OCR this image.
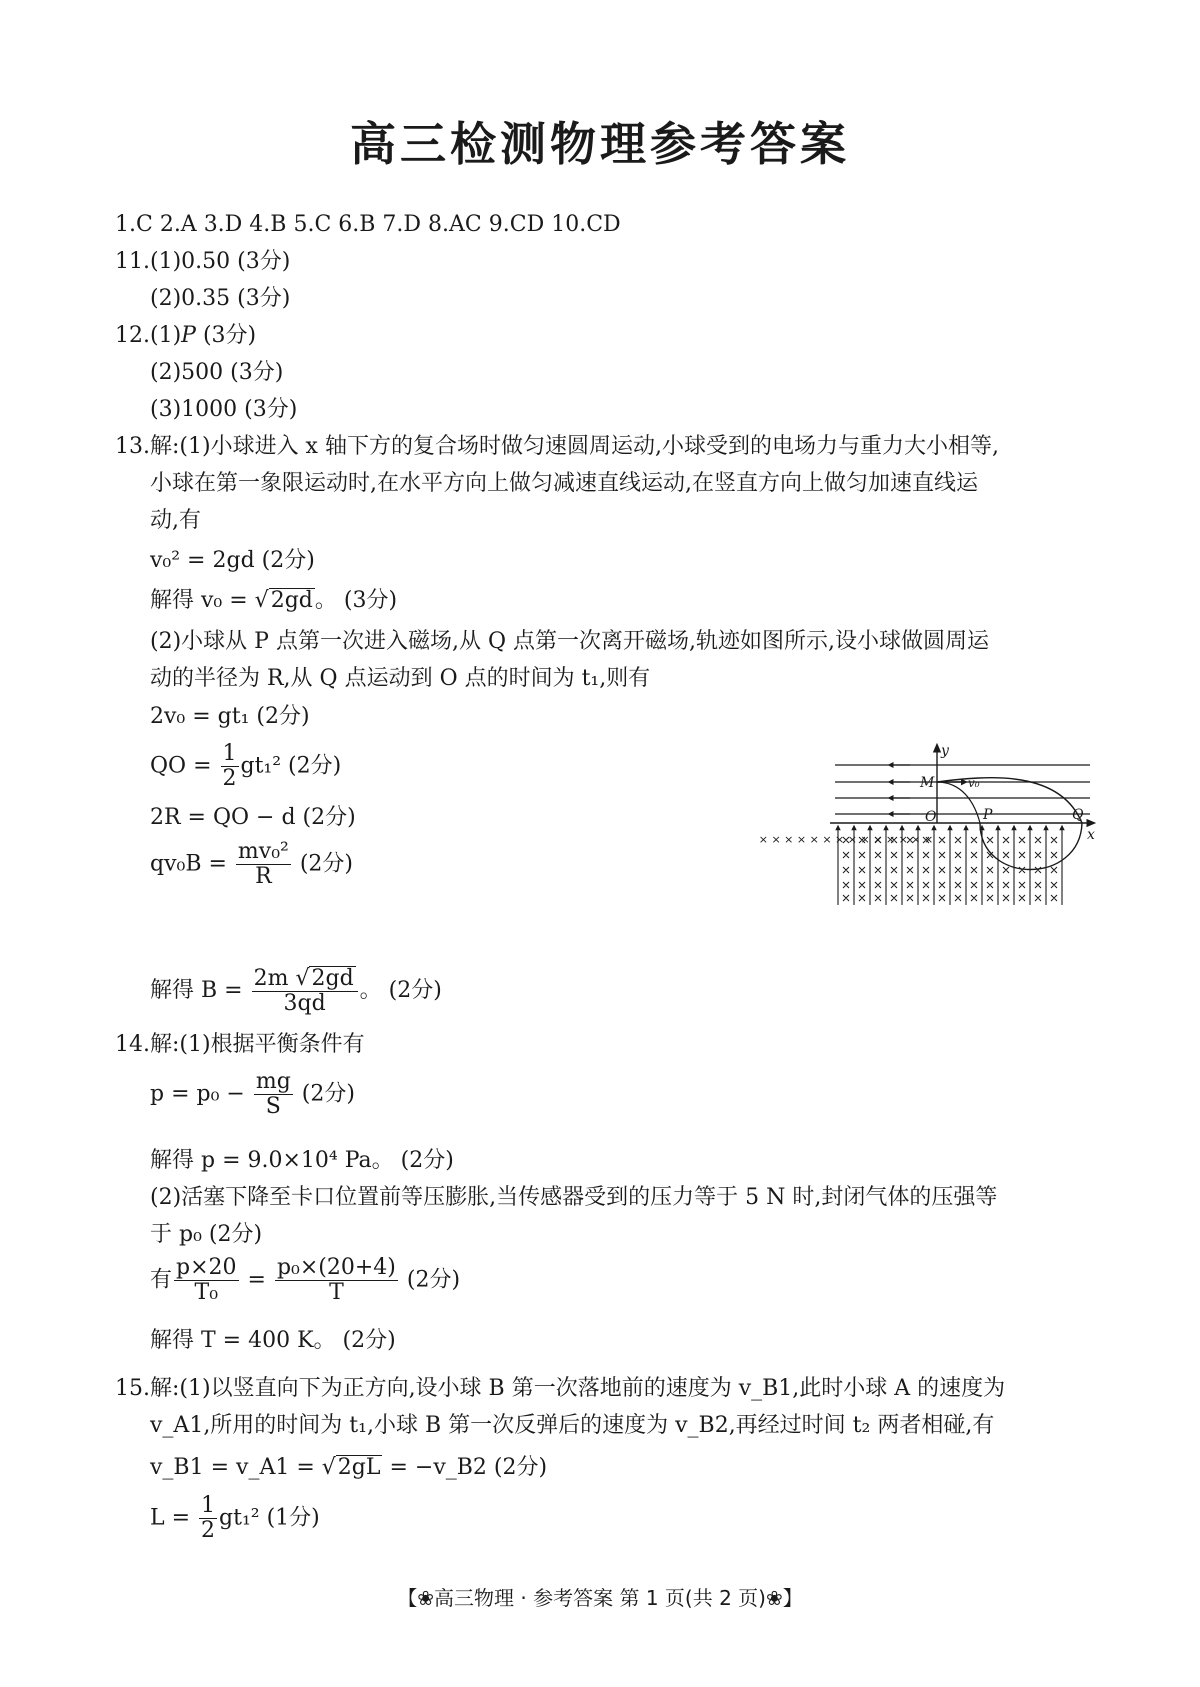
高三检测物理参考答案
1.C 2.A 3.D 4.B 5.C 6.B 7.D 8.AC 9.CD 10.CD
11.(1)0.50 (3分)
(2)0.35 (3分)
12.(1)P (3分)
(2)500 (3分)
(3)1000 (3分)
13.解:(1)小球进入 x 轴下方的复合场时做匀速圆周运动,小球受到的电场力与重力大小相等,
小球在第一象限运动时,在水平方向上做匀减速直线运动,在竖直方向上做匀加速直线运
动,有
v₀² = 2gd (2分)
解得 v₀ = √2gd。 (3分)
(2)小球从 P 点第一次进入磁场,从 Q 点第一次离开磁场,轨迹如图所示,设小球做圆周运
动的半径为 R,从 Q 点运动到 O 点的时间为 t₁,则有
2v₀ = gt₁ (2分)
QO = $\frac{1}{2} gt_1^2$ (2分)
2R = QO − d (2分)
$qv_0B = \frac{\text{mv₀²}}{R} (2$分)
解得 $B = \frac{2m √2gd}{3qd}$ 。 (2分)
14.解:(1)根据平衡条件有
$p = p_0 - \frac{mg}{S} (2$分)
解得 p = 9.0×10⁴ Pa。 (2分)
(2)活塞下降至卡口位置前等压膨胀,当传感器受到的压力等于 5 N 时,封闭气体的压强等
于 p₀ (2分)
有 $\frac{p\times 20}{\text{T₀}} = \frac{\text{p₀×(20+4)}}{T} (2$分)
解得 T = 400 K。 (2分)
15.解:(1)以竖直向下为正方向,设小球 B 第一次落地前的速度为 v_B1,此时小球 A 的速度为
v_A1,所用的时间为 t₁,小球 B 第一次反弹后的速度为 v_B2,再经过时间 t₂ 两者相碰,有
v_B1 = v_A1 = √2gL = −v_B2 (2分)
$L = \frac{1}{2} gt_1^2$ (1分)
× × × × × × × × × × × × × ×
y
x
M	v₀
O	P	Q
【❀高三物理 · 参考答案 第 1 页(共 2 页)❀】
